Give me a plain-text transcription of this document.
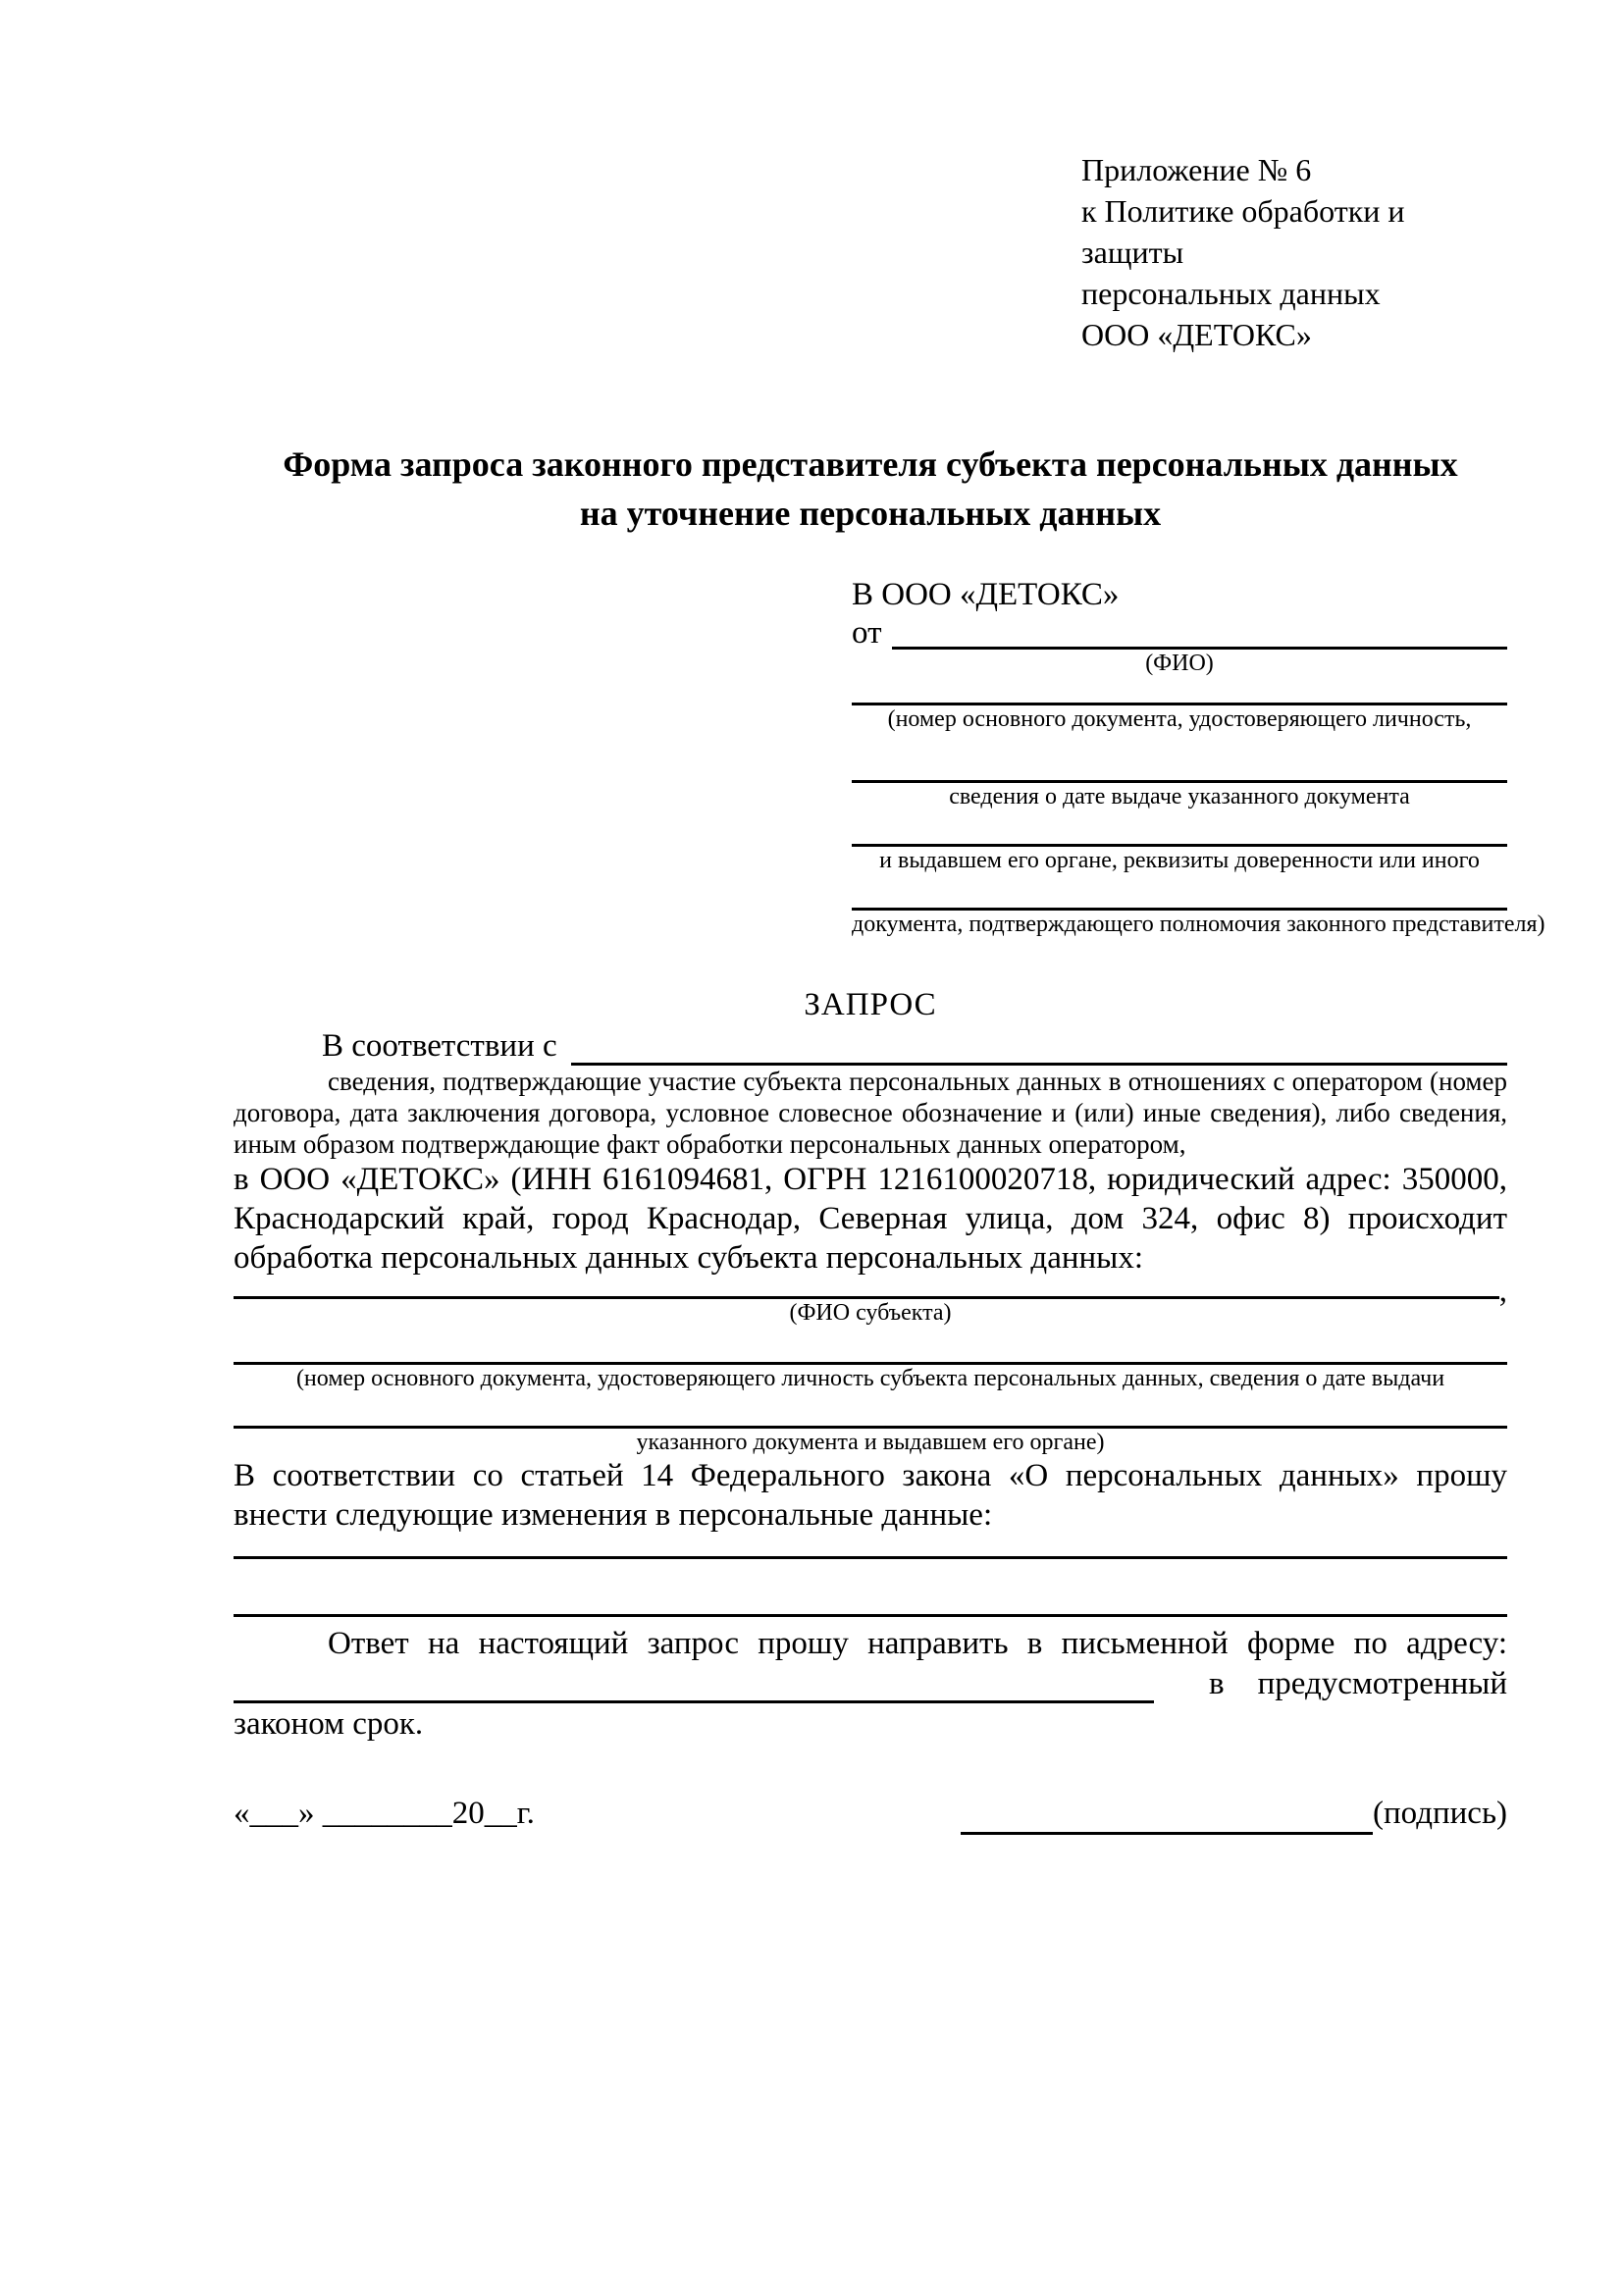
Приложение № 6
к Политике обработки и защиты
персональных данных
ООО «ДЕТОКС»
Форма запроса законного представителя субъекта персональных данных
на уточнение персональных данных
В ООО «ДЕТОКС»
от
(ФИО)
(номер основного документа, удостоверяющего личность,
сведения о дате выдаче указанного документа
и выдавшем его органе, реквизиты доверенности или иного
документа, подтверждающего полномочия законного представителя)
ЗАПРОС
В соответствии с

сведения, подтверждающие участие субъекта персональных данных в отношениях с оператором (номер договора, дата заключения договора, условное словесное обозначение и (или) иные сведения), либо сведения, иным образом подтверждающие факт обработки персональных данных оператором,

в ООО «ДЕТОКС» (ИНН 6161094681, ОГРН 1216100020718, юридический адрес: 350000, Краснодарский край, город Краснодар, Северная улица, дом 324, офис 8) происходит обработка персональных данных субъекта персональных данных:

,
(ФИО субъекта)
(номер основного документа, удостоверяющего личность субъекта персональных данных, сведения о дате выдачи
указанного документа и выдавшем его органе)

В соответствии со статьей 14 Федерального закона «О персональных данных» прошу внести следующие изменения в персональные данные:

Ответ на настоящий запрос прошу направить в письменной форме по адресу:
в предусмотренный
законом срок.
«___» ________20__г.	(подпись)
